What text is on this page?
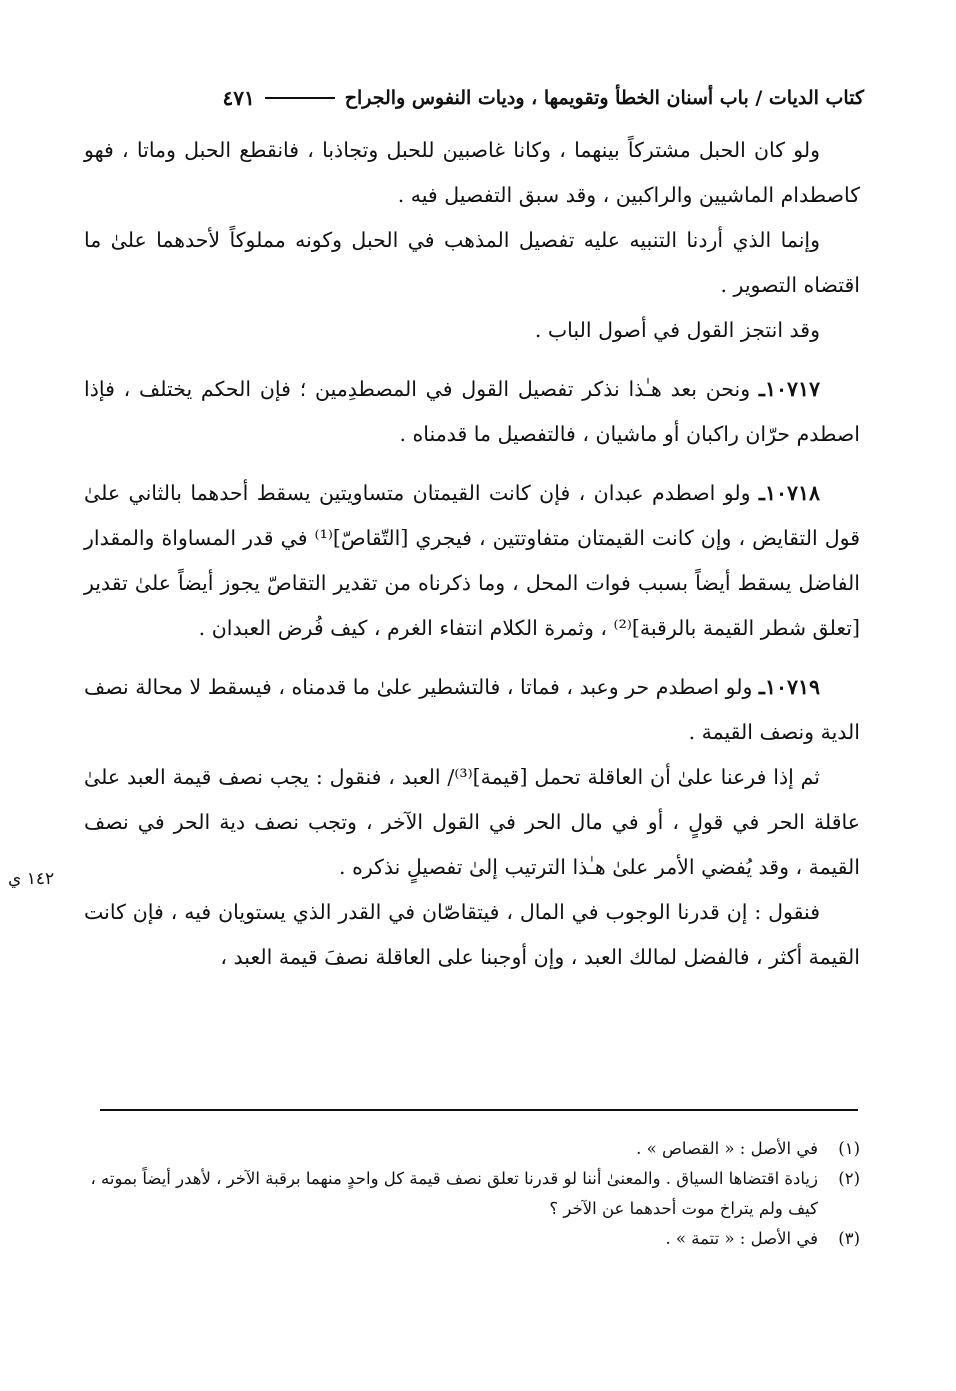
كتاب الديات / باب أسنان الخطأ وتقويمها ، وديات النفوس والجراح
٤٧١

ولو كان الحبل مشتركاً بينهما ، وكانا غاصبين للحبل وتجاذبا ، فانقطع الحبل وماتا ، فهو كاصطدام الماشيين والراكبين ، وقد سبق التفصيل فيه .

وإنما الذي أردنا التنبيه عليه تفصيل المذهب في الحبل وكونه مملوكاً لأحدهما علىٰ ما اقتضاه التصوير .

وقد انتجز القول في أصول الباب .

١٠٧١٧ـ ونحن بعد هـٰذا نذكر تفصيل القول في المصطدِمين ؛ فإن الحكم يختلف ، فإذا اصطدم حرّان راكبان أو ماشيان ، فالتفصيل ما قدمناه .

١٠٧١٨ـ ولو اصطدم عبدان ، فإن كانت القيمتان متساويتين يسقط أحدهما بالثاني علىٰ قول التقايض ، وإن كانت القيمتان متفاوتتين ، فيجري [التّقاصّ]⁽¹⁾ في قدر المساواة والمقدار الفاضل يسقط أيضاً بسبب فوات المحل ، وما ذكرناه من تقدير التقاصّ يجوز أيضاً علىٰ تقدير [تعلق شطر القيمة بالرقبة]⁽²⁾ ، وثمرة الكلام انتفاء الغرم ، كيف فُرض العبدان .

١٠٧١٩ـ ولو اصطدم حر وعبد ، فماتا ، فالتشطير علىٰ ما قدمناه ، فيسقط لا محالة نصف الدية ونصف القيمة .

ثم إذا فرعنا علىٰ أن العاقلة تحمل [قيمة]⁽³⁾/ العبد ، فنقول : يجب نصف قيمة العبد علىٰ عاقلة الحر في قولٍ ، أو في مال الحر في القول الآخر ، وتجب نصف دية الحر في نصف القيمة ، وقد يُفضي الأمر علىٰ هـٰذا الترتيب إلىٰ تفصيلٍ نذكره .

فنقول : إن قدرنا الوجوب في المال ، فيتقاصّان في القدر الذي يستويان فيه ، فإن كانت القيمة أكثر ، فالفضل لمالك العبد ، وإن أوجبنا على العاقلة نصفَ قيمة العبد ،

١٤٢ ي
(١)
في الأصل : « القصاص » .
(٢)
زيادة اقتضاها السياق . والمعنىٰ أننا لو قدرنا تعلق نصف قيمة كل واحدٍ منهما برقبة الآخر ، لأهدر أيضاً بموته ، كيف ولم يتراخ موت أحدهما عن الآخر ؟
(٣)
في الأصل : « تتمة » .
